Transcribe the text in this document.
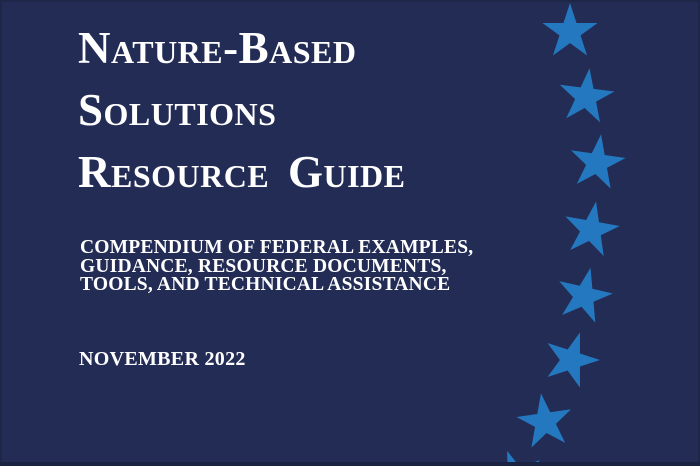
Nature-Based
Solutions
Resource Guide

COMPENDIUM OF FEDERAL EXAMPLES,
GUIDANCE, RESOURCE DOCUMENTS,
TOOLS, AND TECHNICAL ASSISTANCE

NOVEMBER 2022
